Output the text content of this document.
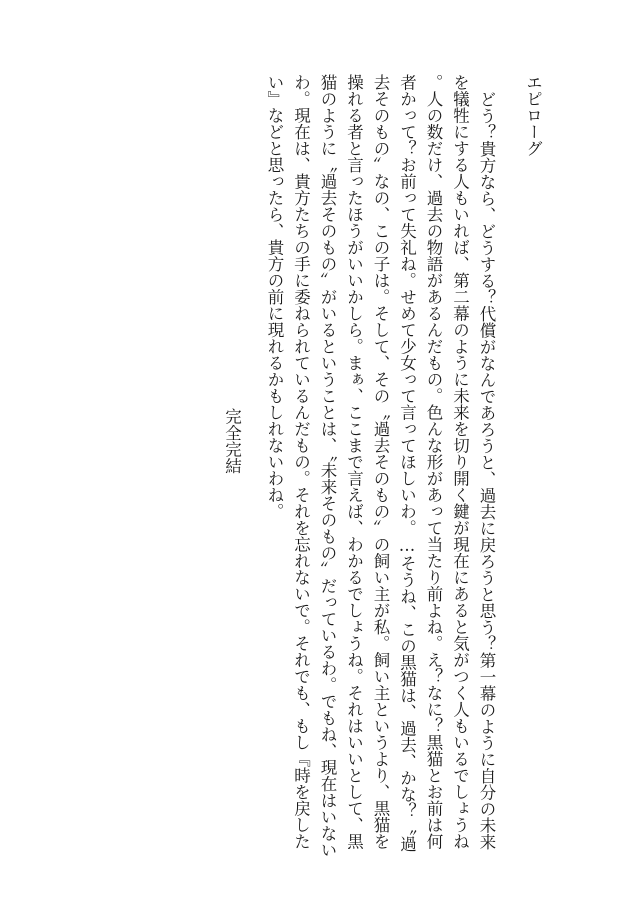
エピローグ

どう？貴方なら、どうする？代償がなんであろうと、過去に戻ろうと思う？第一幕のように自分の未来を犠牲にする人もいれば、第二幕のように未来を切り開く鍵が現在にあると気がつく人もいるでしょうね。人の数だけ、過去の物語があるんだもの。色んな形があって当たり前よね。え？なに？黒猫とお前は何者かって？お前って失礼ね。せめて少女って言ってほしいわ。…そうね、この黒猫は、過去、かな？〝過去そのもの〟なの、この子は。そして、その〝過去そのもの〟の飼い主が私。飼い主というより、黒猫を操れる者と言ったほうがいいかしら。まぁ、ここまで言えば、わかるでしょうね。それはいいとして、黒猫のように〝過去そのもの〟がいるということは、〝未来そのもの〟だっているわ。でもね、現在はいないわ。現在は、貴方たちの手に委ねられているんだもの。それを忘れないで。それでも、もし『時を戻したい』などと思ったら、貴方の前に現れるかもしれないわね。

完全完結
